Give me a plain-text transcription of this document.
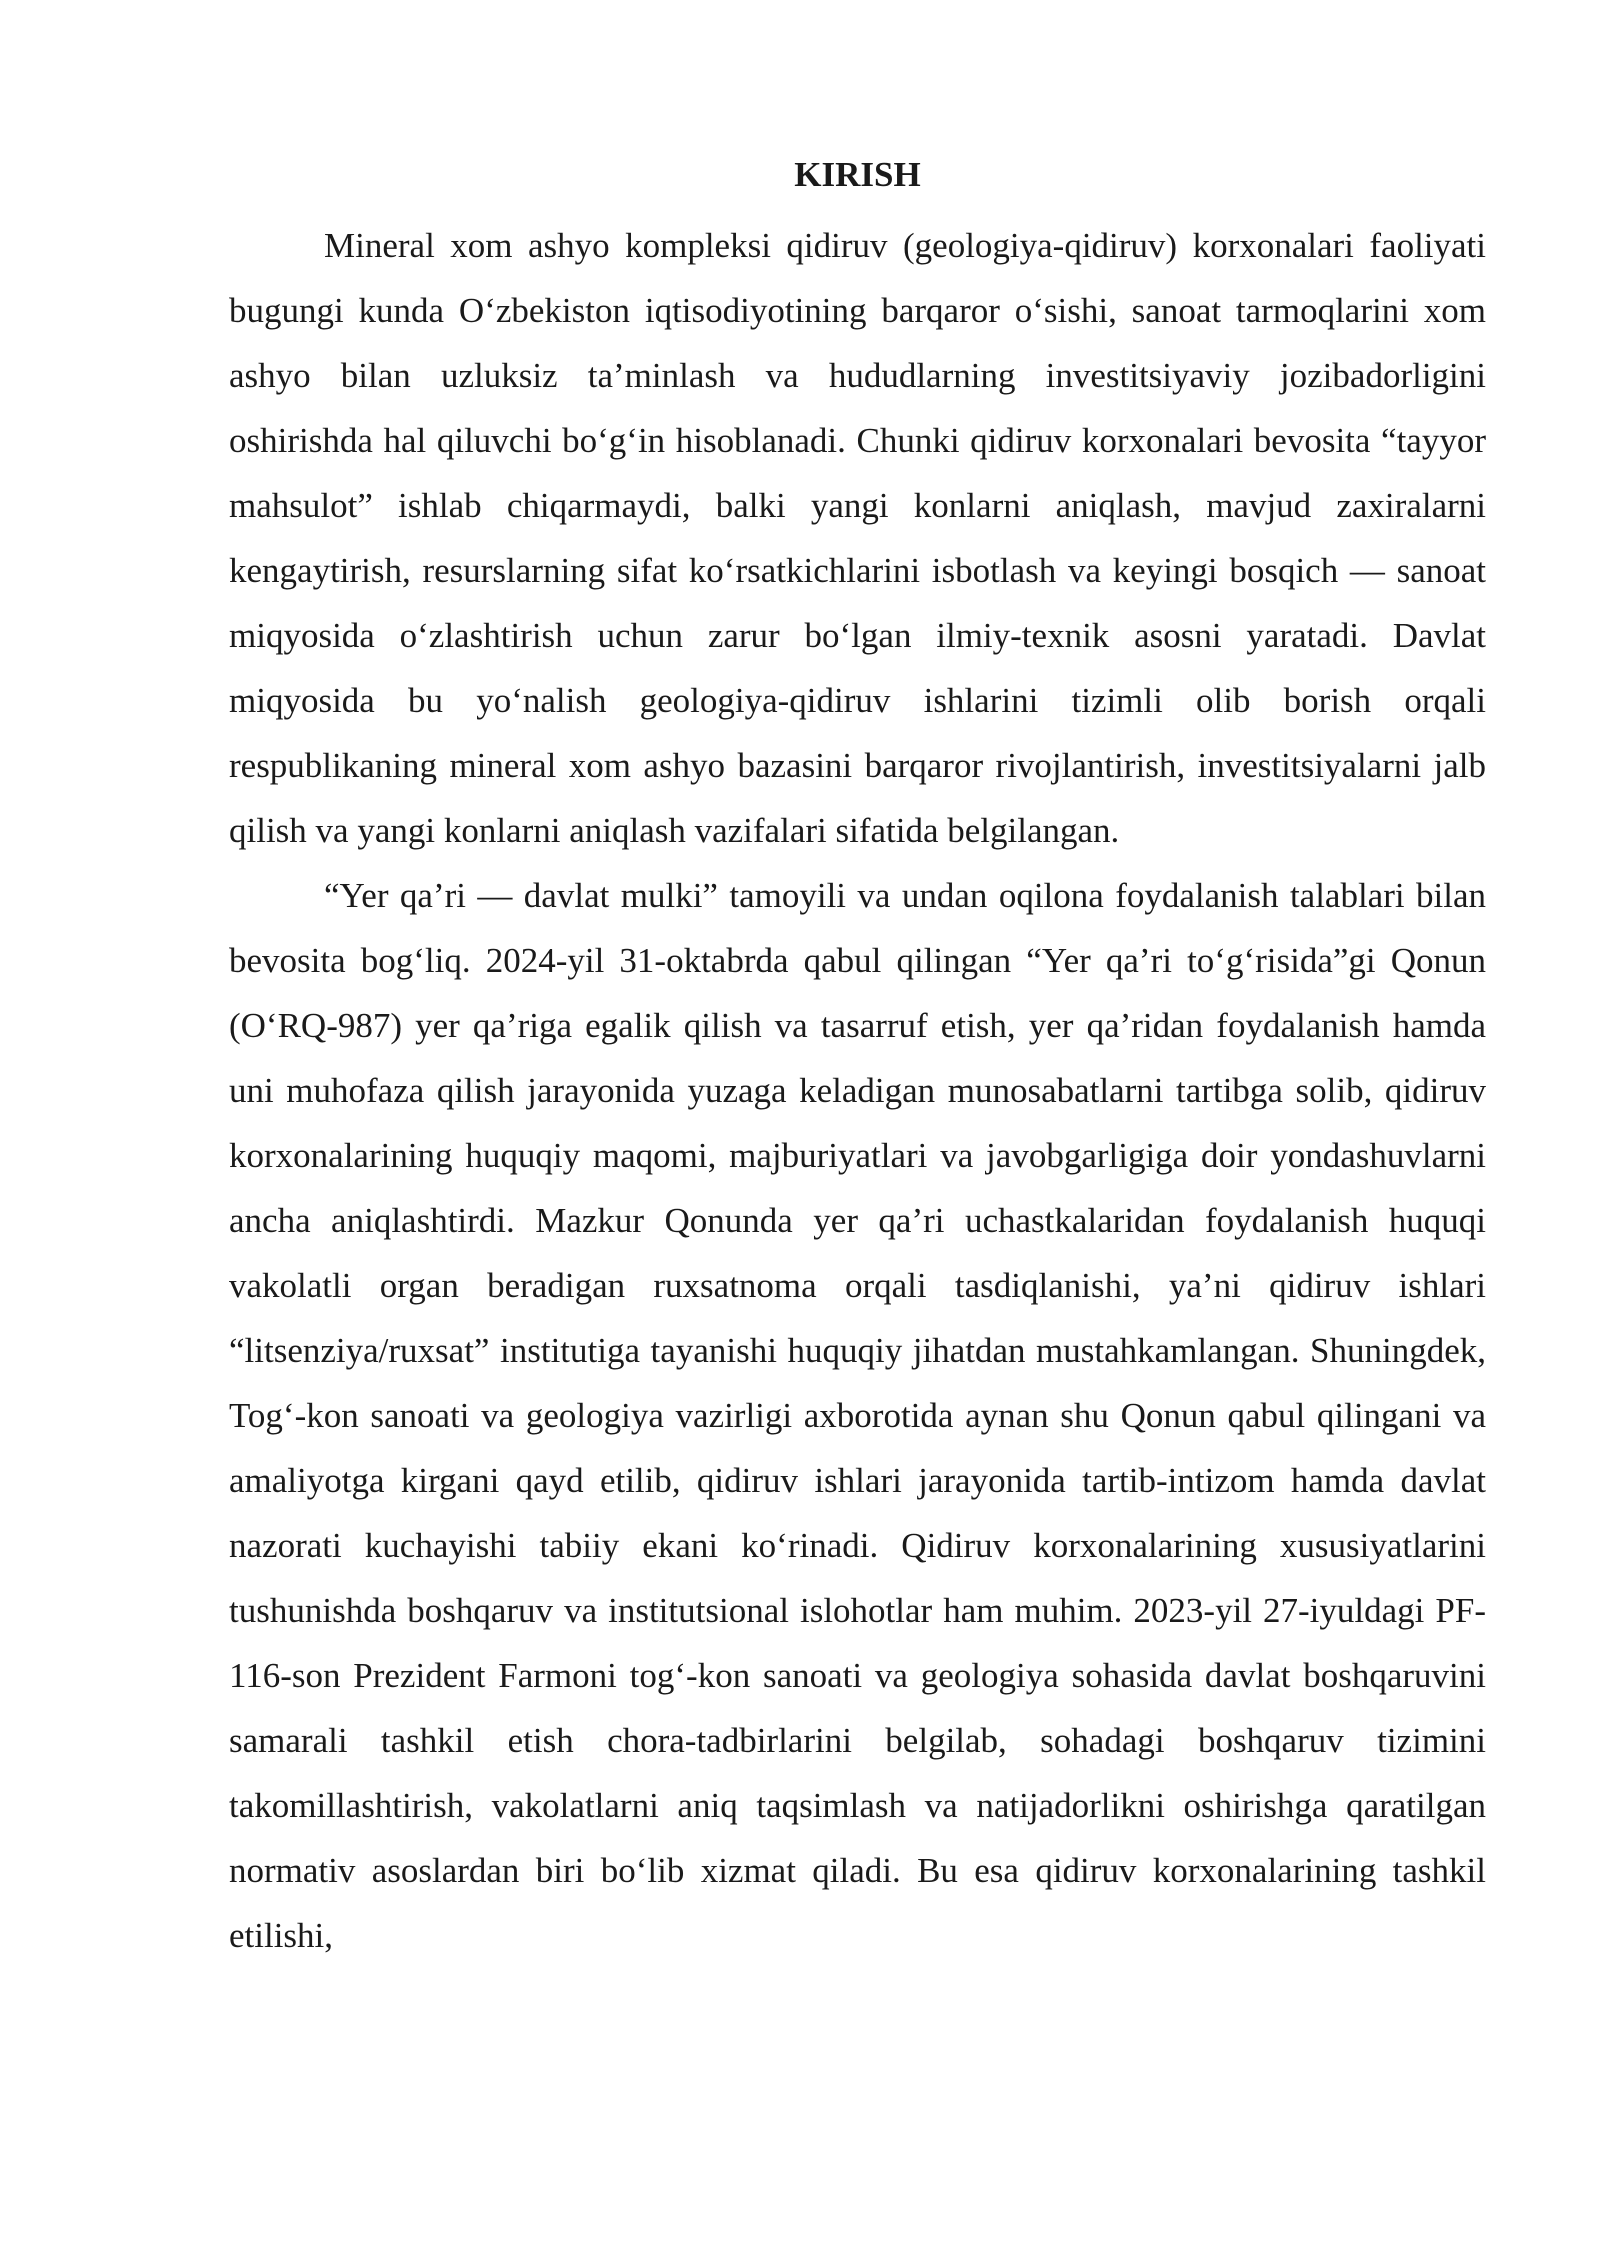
KIRISH

Mineral xom ashyo kompleksi qidiruv (geologiya-qidiruv) korxonalari faoliyati bugungi kunda O‘zbekiston iqtisodiyotining barqaror o‘sishi, sanoat tarmoqlarini xom ashyo bilan uzluksiz ta’minlash va hududlarning investitsiyaviy jozibadorligini oshirishda hal qiluvchi bo‘g‘in hisoblanadi. Chunki qidiruv korxonalari bevosita “tayyor mahsulot” ishlab chiqarmaydi, balki yangi konlarni aniqlash, mavjud zaxiralarni kengaytirish, resurslarning sifat ko‘rsatkichlarini isbotlash va keyingi bosqich — sanoat miqyosida o‘zlashtirish uchun zarur bo‘lgan ilmiy-texnik asosni yaratadi. Davlat miqyosida bu yo‘nalish geologiya-qidiruv ishlarini tizimli olib borish orqali respublikaning mineral xom ashyo bazasini barqaror rivojlantirish, investitsiyalarni jalb qilish va yangi konlarni aniqlash vazifalari sifatida belgilangan.

“Yer qa’ri — davlat mulki” tamoyili va undan oqilona foydalanish talablari bilan bevosita bog‘liq. 2024-yil 31-oktabrda qabul qilingan “Yer qa’ri to‘g‘risida”gi Qonun (O‘RQ-987) yer qa’riga egalik qilish va tasarruf etish, yer qa’ridan foydalanish hamda uni muhofaza qilish jarayonida yuzaga keladigan munosabatlarni tartibga solib, qidiruv korxonalarining huquqiy maqomi, majburiyatlari va javobgarligiga doir yondashuvlarni ancha aniqlashtirdi. Mazkur Qonunda yer qa’ri uchastkalaridan foydalanish huquqi vakolatli organ beradigan ruxsatnoma orqali tasdiqlanishi, ya’ni qidiruv ishlari “litsenziya/ruxsat” institutiga tayanishi huquqiy jihatdan mustahkamlangan. Shuningdek, Tog‘-kon sanoati va geologiya vazirligi axborotida aynan shu Qonun qabul qilingani va amaliyotga kirgani qayd etilib, qidiruv ishlari jarayonida tartib-intizom hamda davlat nazorati kuchayishi tabiiy ekani ko‘rinadi. Qidiruv korxonalarining xususiyatlarini tushunishda boshqaruv va institutsional islohotlar ham muhim. 2023-yil 27-iyuldagi PF-116-son Prezident Farmoni tog‘-kon sanoati va geologiya sohasida davlat boshqaruvini samarali tashkil etish chora-tadbirlarini belgilab, sohadagi boshqaruv tizimini takomillashtirish, vakolatlarni aniq taqsimlash va natijadorlikni oshirishga qaratilgan normativ asoslardan biri bo‘lib xizmat qiladi. Bu esa qidiruv korxonalarining tashkil etilishi,
